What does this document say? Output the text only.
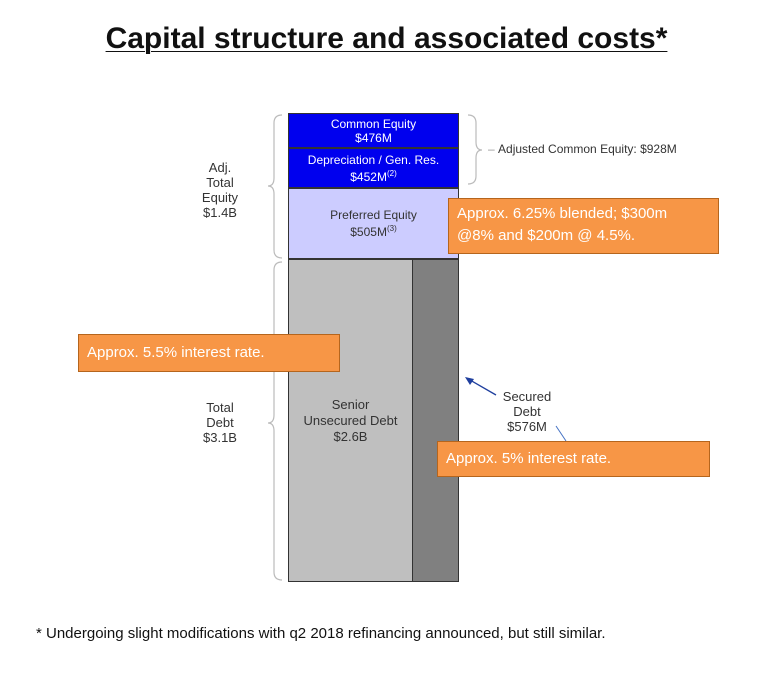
Capital structure and associated costs*
Common Equity
$476M
Depreciation / Gen. Res.
$\$452M^{(2)}$
Preferred Equity
$\$505M^{(3)}$
Senior
Unsecured Debt
$2.6B
Secured
Debt
$576M
Adj.
Total
Equity
$1.4B
Total
Debt
$3.1B
– Adjusted Common Equity: $928M
Approx. 6.25% blended; $300m
@8% and $200m @ 4.5%.
Approx. 5.5% interest rate.
Approx. 5% interest rate.
* Undergoing slight modifications with q2 2018 refinancing announced, but still similar.
